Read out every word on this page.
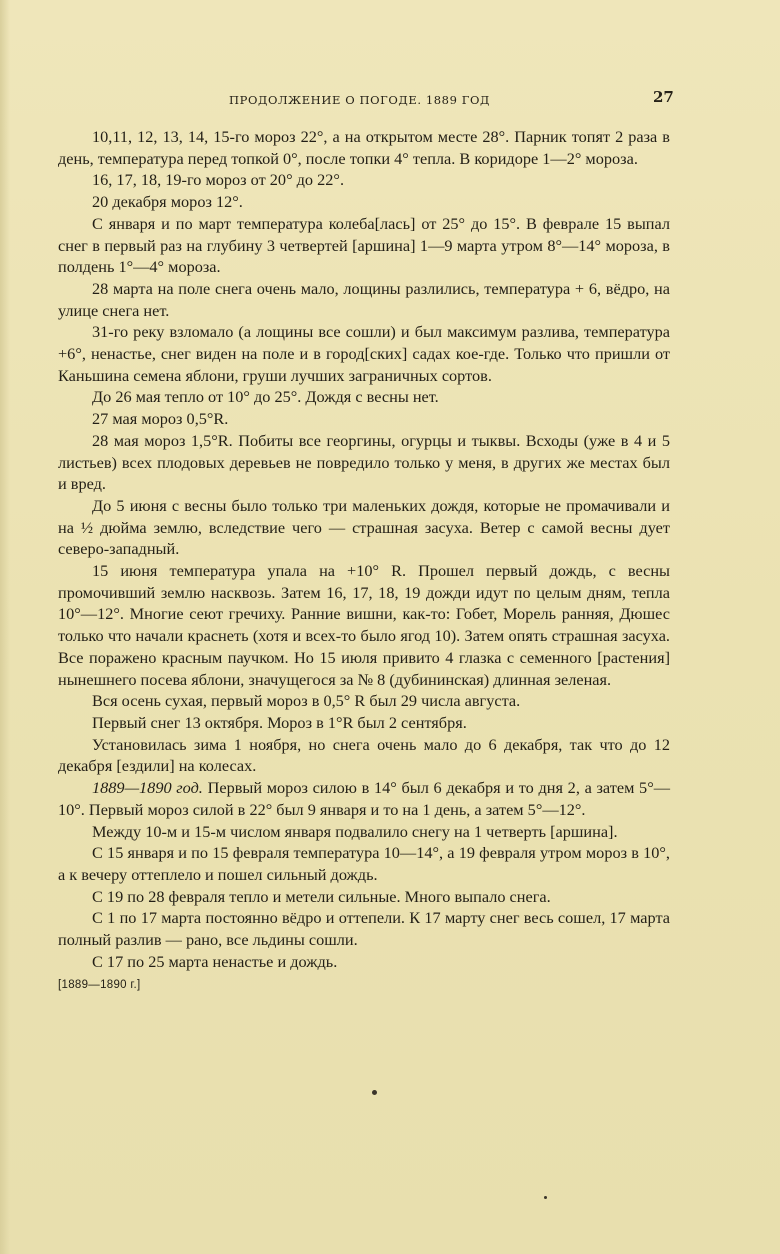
ПРОДОЛЖЕНИЕ О ПОГОДЕ. 1889 ГОД	27

10,11, 12, 13, 14, 15-го мороз 22°, а на открытом месте 28°. Парник топят 2 раза в день, температура перед топкой 0°, после топки 4° тепла. В коридоре 1—2° мороза.

16, 17, 18, 19-го мороз от 20° до 22°.

20 декабря мороз 12°.

С января и по март температура колеба[лась] от 25° до 15°. В феврале 15 выпал снег в первый раз на глубину 3 четвертей [аршина] 1—9 марта утром 8°—14° мороза, в полдень 1°—4° мороза.

28 марта на поле снега очень мало, лощины разлились, температура + 6, вёдро, на улице снега нет.

31-го реку взломало (а лощины все сошли) и был максимум разлива, температура +6°, ненастье, снег виден на поле и в город[ских] садах кое-где. Только что пришли от Каньшина семена яблони, груши лучших заграничных сортов.

До 26 мая тепло от 10° до 25°. Дождя с весны нет.

27 мая мороз 0,5°R.

28 мая мороз 1,5°R. Побиты все георгины, огурцы и тыквы. Всходы (уже в 4 и 5 листьев) всех плодовых деревьев не повредило только у меня, в других же местах был и вред.

До 5 июня с весны было только три маленьких дождя, которые не промачивали и на ½ дюйма землю, вследствие чего — страшная засуха. Ветер с самой весны дует северо-западный.

15 июня температура упала на +10° R. Прошел первый дождь, с весны промочивший землю насквозь. Затем 16, 17, 18, 19 дожди идут по целым дням, тепла 10°—12°. Многие сеют гречиху. Ранние вишни, как-то: Гобет, Морель ранняя, Дюшес только что начали краснеть (хотя и всех-то было ягод 10). Затем опять страшная засуха. Все поражено красным паучком. Но 15 июля привито 4 глазка с семенного [растения] нынешнего посева яблони, значущегося за № 8 (дубининская) длинная зеленая.

Вся осень сухая, первый мороз в 0,5° R был 29 числа августа.

Первый снег 13 октября. Мороз в 1°R был 2 сентября.

Установилась зима 1 ноября, но снега очень мало до 6 декабря, так что до 12 декабря [ездили] на колесах.

1889—1890 год. Первый мороз силою в 14° был 6 декабря и то дня 2, а затем 5°—10°. Первый мороз силой в 22° был 9 января и то на 1 день, а затем 5°—12°.

Между 10-м и 15-м числом января подвалило снегу на 1 четверть [аршина].

С 15 января и по 15 февраля температура 10—14°, а 19 февраля утром мороз в 10°, а к вечеру оттеплело и пошел сильный дождь.

С 19 по 28 февраля тепло и метели сильные. Много выпало снега.

С 1 по 17 марта постоянно вёдро и оттепели. К 17 марту снег весь сошел, 17 марта полный разлив — рано, все льдины сошли.

С 17 по 25 марта ненастье и дождь.

[1889—1890 г.]
